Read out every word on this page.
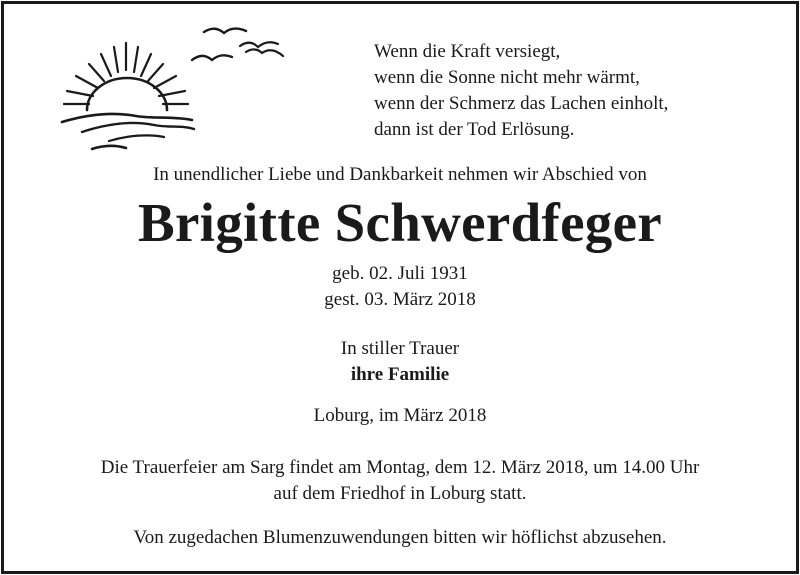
Wenn die Kraft versiegt,
wenn die Sonne nicht mehr wärmt,
wenn der Schmerz das Lachen einholt,
dann ist der Tod Erlösung.
In unendlicher Liebe und Dankbarkeit nehmen wir Abschied von
Brigitte Schwerdfeger
geb. 02. Juli 1931
gest. 03. März 2018
In stiller Trauer
ihre Familie
Loburg, im März 2018
Die Trauerfeier am Sarg findet am Montag, dem 12. März 2018, um 14.00 Uhr
auf dem Friedhof in Loburg statt.
Von zugedachen Blumenzuwendungen bitten wir höflichst abzusehen.
